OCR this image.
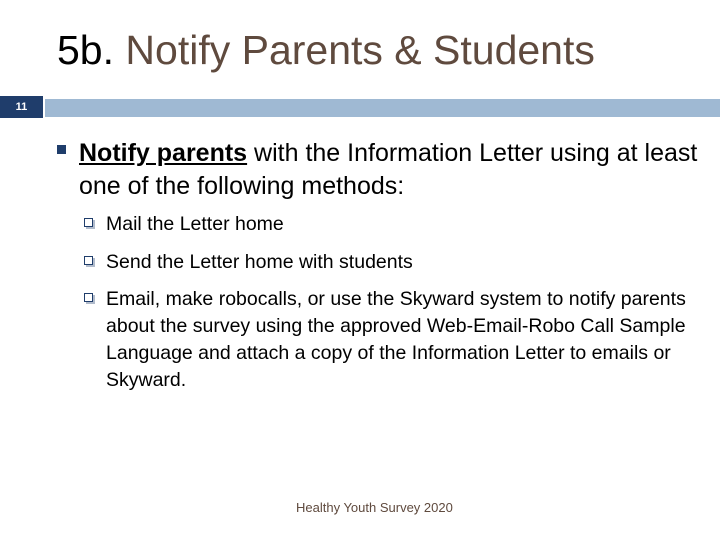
5b. Notify Parents & Students
11
Notify parents with the Information Letter using at least one of the following methods:
Mail the Letter home
Send the Letter home with students
Email, make robocalls, or use the Skyward system to notify parents about the survey using the approved Web-Email-Robo Call Sample Language and attach a copy of the Information Letter to emails or Skyward.
Healthy Youth Survey 2020
